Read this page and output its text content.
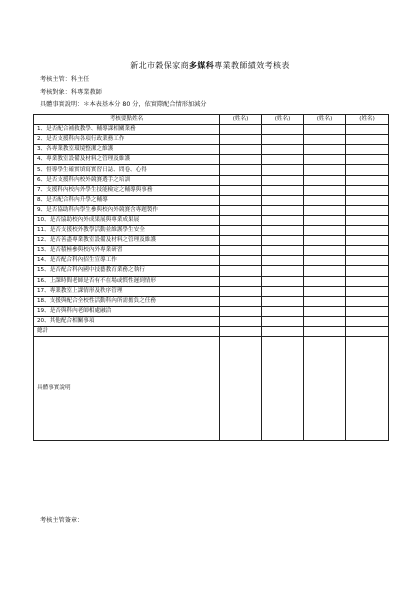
新北市穀保家商多媒科專業教師績效考核表
考核主管：科主任
考核對象：科專業教師
具體事實說明：＊本表基本分 80 分，依實際配合情形加減分
考核要點姓名	(姓名)	(姓名)	(姓名)	(姓名)
1、是否配合補救教學、輔導課相關業務				
2、是否支援科內各項行政業務工作				
3、各專業教室環境整潔之維護				
4、專業教室設備及材料之管理及維護				
5、督導學生確實填寫實習日誌、問卷、心得				
6、是否支援科內校外競賽選手之培訓				
7、支援科內校內外學生技能檢定之輔導與事務				
8、是否配合科內升學之輔導				
9、是否協助科內學生參與校內外競賽含專題製作				
10、是否協助校內外成果展與專業成果展				
11、是否支援校外教學活動並維護學生安全				
12、是否善盡專業教室設備及材料之管理及維護				
13、是否積極參與校內外專業研習				
14、是否配合科內招生宣導工作				
15、是否配合科內國中技藝教育業務之執行				
16、上課時間老師是否有不在場或慣性遲到情形				
17、專業教室上課情形及秩序管理				
18、支援與配合全校性活動科內所需擔負之任務				
19、是否與科內老師相處融洽				
20、其他配合相關事項				
總計				
具體事實說明				
考核主管簽章：
